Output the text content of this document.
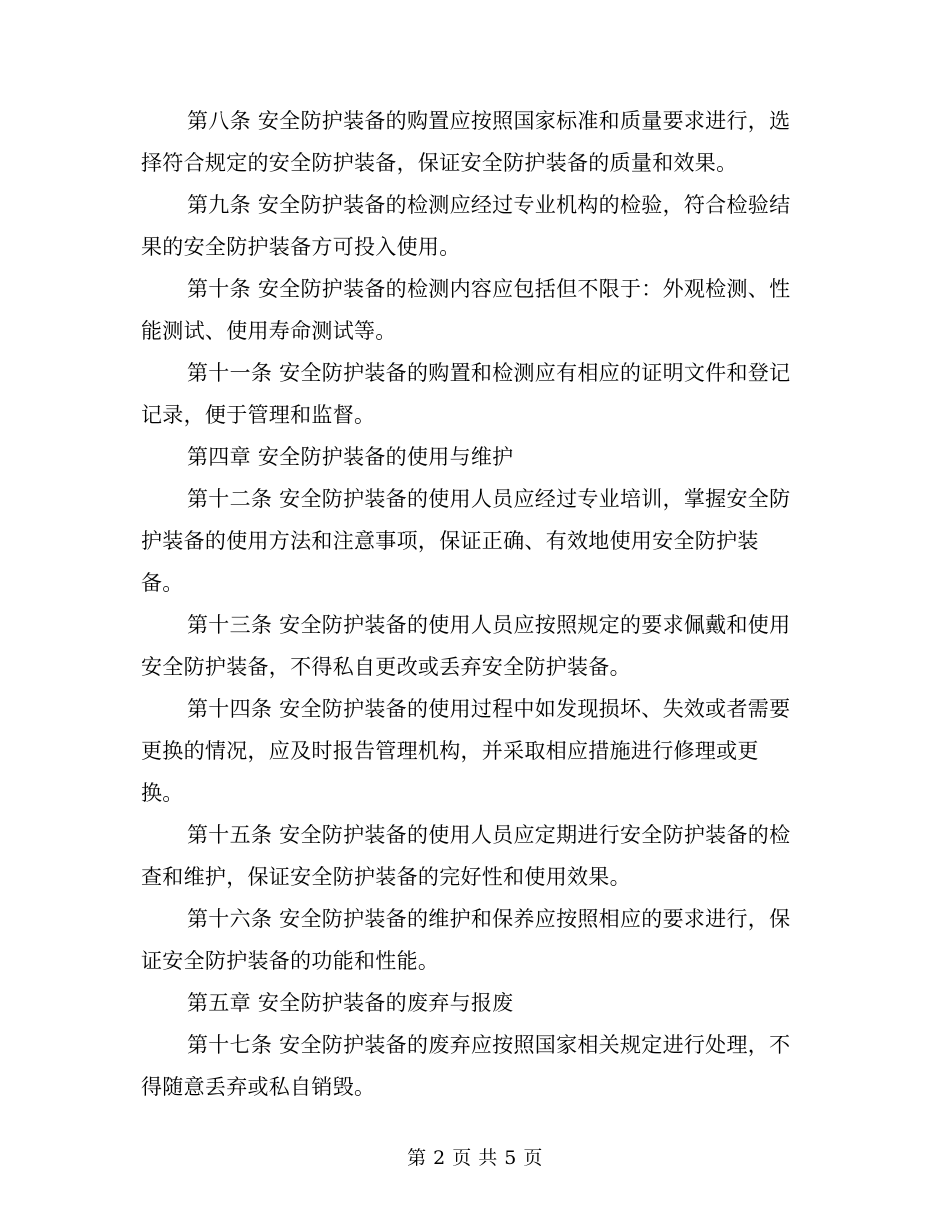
第八条 安全防护装备的购置应按照国家标准和质量要求进行，选
择符合规定的安全防护装备，保证安全防护装备的质量和效果。

第九条 安全防护装备的检测应经过专业机构的检验，符合检验结
果的安全防护装备方可投入使用。

第十条 安全防护装备的检测内容应包括但不限于：外观检测、性
能测试、使用寿命测试等。

第十一条 安全防护装备的购置和检测应有相应的证明文件和登记
记录，便于管理和监督。

第四章 安全防护装备的使用与维护

第十二条 安全防护装备的使用人员应经过专业培训，掌握安全防
护装备的使用方法和注意事项，保证正确、有效地使用安全防护装
备。

第十三条 安全防护装备的使用人员应按照规定的要求佩戴和使用
安全防护装备，不得私自更改或丢弃安全防护装备。

第十四条 安全防护装备的使用过程中如发现损坏、失效或者需要
更换的情况，应及时报告管理机构，并采取相应措施进行修理或更
换。

第十五条 安全防护装备的使用人员应定期进行安全防护装备的检
查和维护，保证安全防护装备的完好性和使用效果。

第十六条 安全防护装备的维护和保养应按照相应的要求进行，保
证安全防护装备的功能和性能。

第五章 安全防护装备的废弃与报废

第十七条 安全防护装备的废弃应按照国家相关规定进行处理，不
得随意丢弃或私自销毁。

第 2 页 共 5 页
